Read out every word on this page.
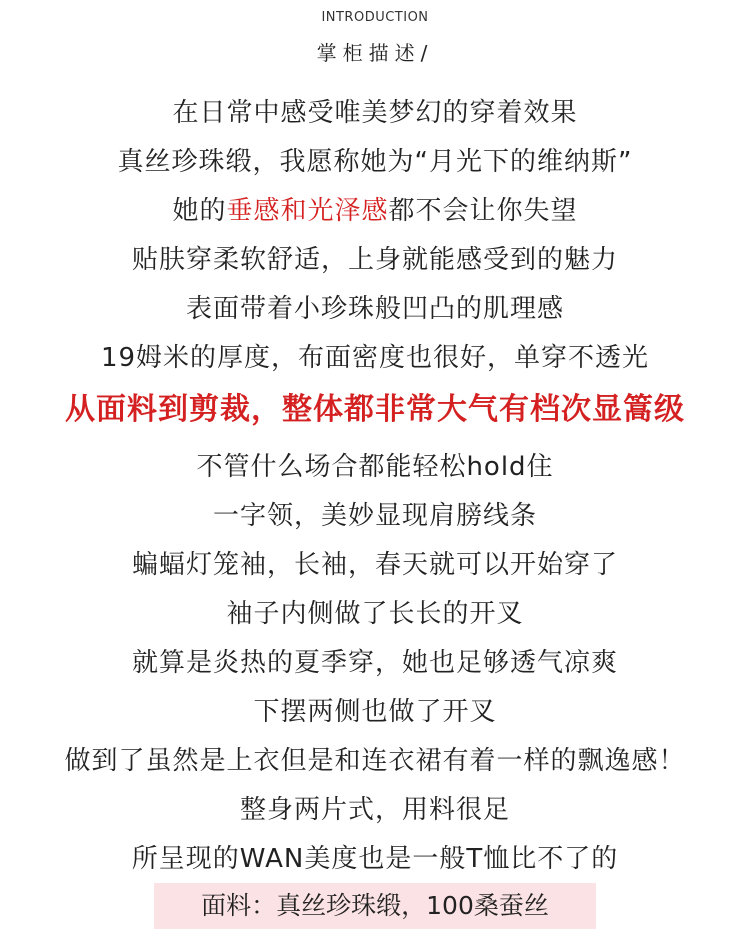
INTRODUCTION
掌柜描述/
在日常中感受唯美梦幻的穿着效果
真丝珍珠缎，我愿称她为“月光下的维纳斯”
她的垂感和光泽感都不会让你失望
贴肤穿柔软舒适，上身就能感受到的魅力
表面带着小珍珠般凹凸的肌理感
19姆米的厚度，布面密度也很好，单穿不透光
从面料到剪裁，整体都非常大气有档次显篙级
不管什么场合都能轻松hold住
一字领，美妙显现肩膀线条
蝙蝠灯笼袖，长袖，春天就可以开始穿了
袖子内侧做了长长的开叉
就算是炎热的夏季穿，她也足够透气凉爽
下摆两侧也做了开叉
做到了虽然是上衣但是和连衣裙有着一样的飘逸感！
整身两片式，用料很足
所呈现的WAN美度也是一般T恤比不了的
面料：真丝珍珠缎，100桑蚕丝
